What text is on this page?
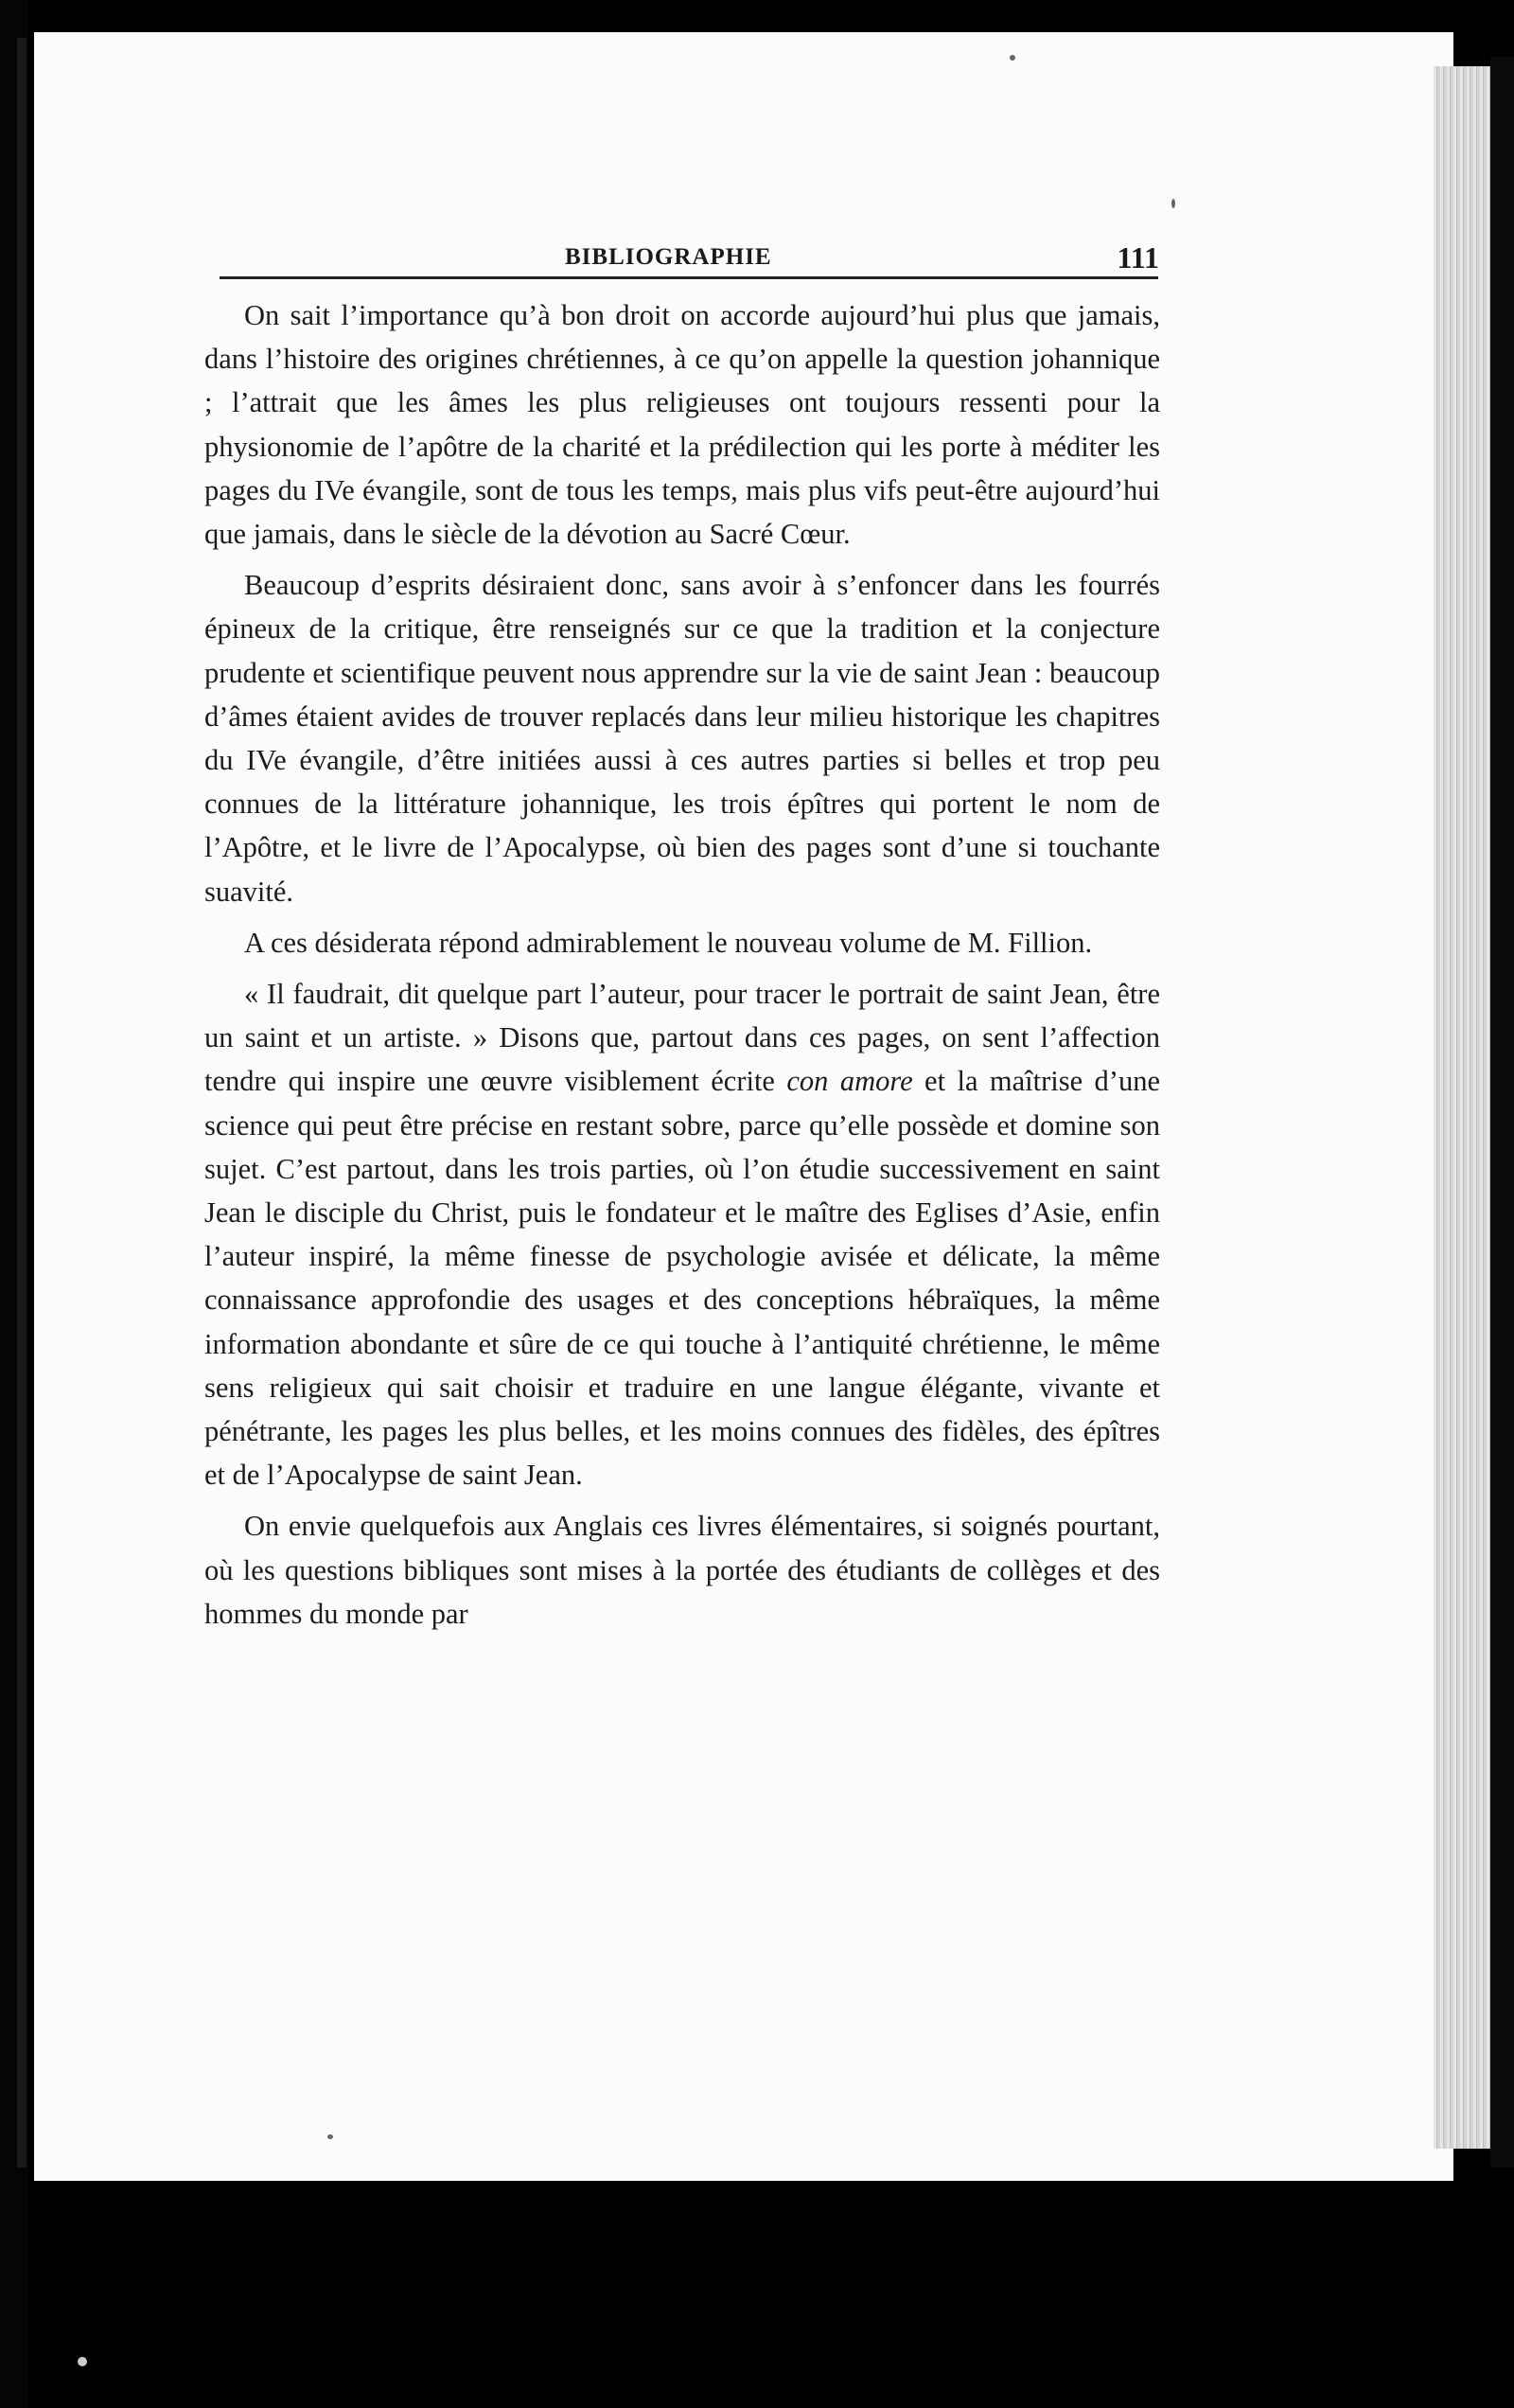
BIBLIOGRAPHIE	111

On sait l’importance qu’à bon droit on accorde aujourd’hui plus que jamais, dans l’histoire des origines chrétiennes, à ce qu’on appelle la question johannique ; l’attrait que les âmes les plus religieuses ont toujours ressenti pour la physionomie de l’apôtre de la charité et la prédilection qui les porte à méditer les pages du IVe évangile, sont de tous les temps, mais plus vifs peut-être aujourd’hui que jamais, dans le siècle de la dévotion au Sacré Cœur.

Beaucoup d’esprits désiraient donc, sans avoir à s’enfoncer dans les fourrés épineux de la critique, être renseignés sur ce que la tradition et la conjecture prudente et scientifique peuvent nous apprendre sur la vie de saint Jean : beaucoup d’âmes étaient avides de trouver replacés dans leur milieu historique les chapitres du IVe évangile, d’être initiées aussi à ces autres parties si belles et trop peu connues de la littérature johannique, les trois épîtres qui portent le nom de l’Apôtre, et le livre de l’Apocalypse, où bien des pages sont d’une si touchante suavité.

A ces désiderata répond admirablement le nouveau volume de M. Fillion.

« Il faudrait, dit quelque part l’auteur, pour tracer le portrait de saint Jean, être un saint et un artiste. » Disons que, partout dans ces pages, on sent l’affection tendre qui inspire une œuvre visiblement écrite con amore et la maîtrise d’une science qui peut être précise en restant sobre, parce qu’elle possède et domine son sujet. C’est partout, dans les trois parties, où l’on étudie successivement en saint Jean le disciple du Christ, puis le fondateur et le maître des Eglises d’Asie, enfin l’auteur inspiré, la même finesse de psychologie avisée et délicate, la même connaissance approfondie des usages et des conceptions hébraïques, la même information abondante et sûre de ce qui touche à l’antiquité chrétienne, le même sens religieux qui sait choisir et traduire en une langue élégante, vivante et pénétrante, les pages les plus belles, et les moins connues des fidèles, des épîtres et de l’Apocalypse de saint Jean.

On envie quelquefois aux Anglais ces livres élémentaires, si soignés pourtant, où les questions bibliques sont mises à la portée des étudiants de collèges et des hommes du monde par
